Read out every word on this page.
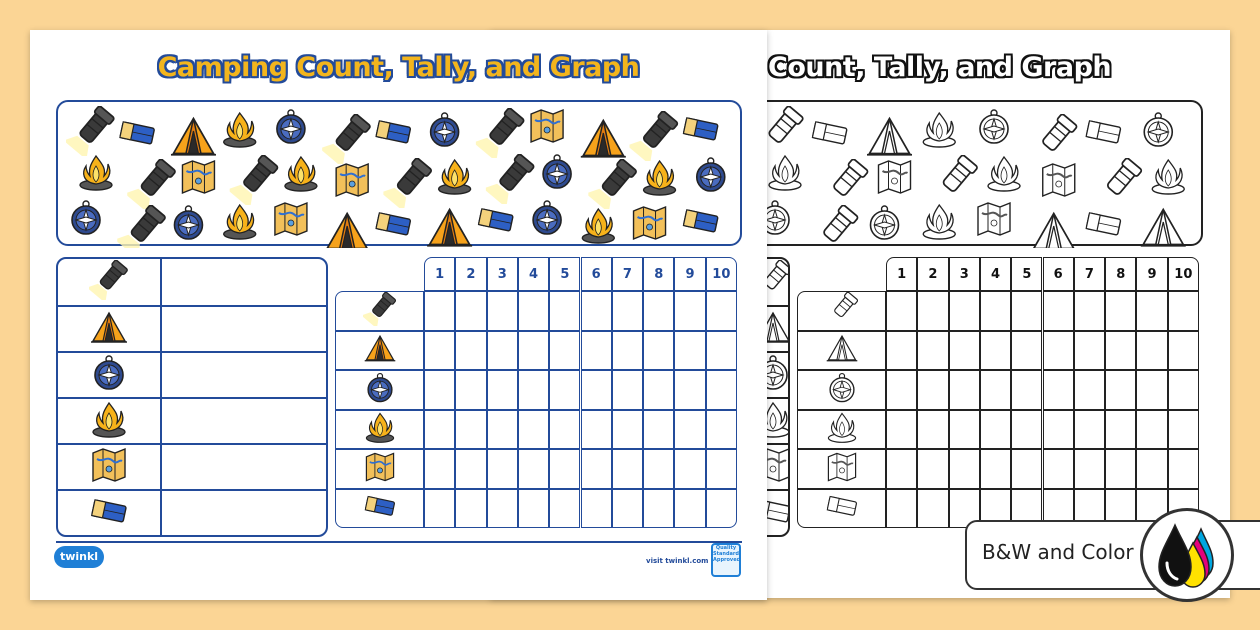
Count, Tally, and Graph
1	2	3	4	5	6	7	8	9	10
Camping Count, Tally, and Graph
1	2	3	4	5	6	7	8	9	10
twinkl	visit twinkl.com
Quality Standard Approved	B&W and Color
